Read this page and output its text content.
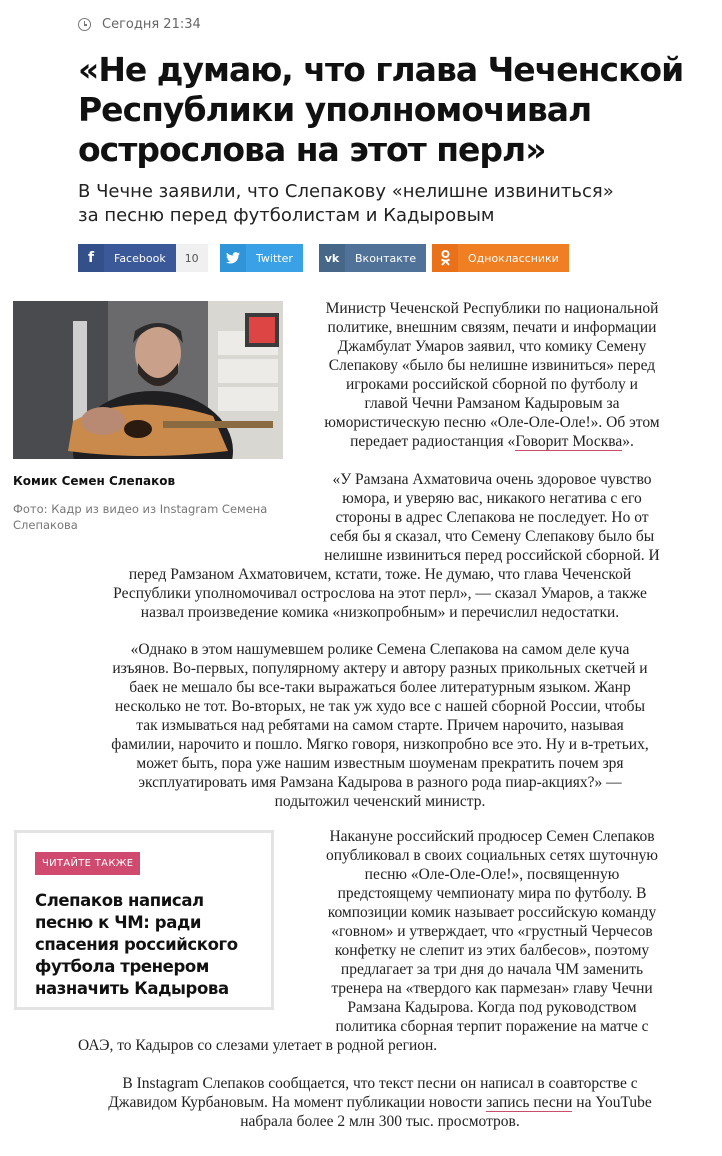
Сегодня 21:34
«Не думаю, что глава Чеченской
Республики уполномочивал
острослова на этот перл»

В Чечне заявили, что Слепакову «нелишне извиниться»
за песню перед футболистам и Кадыровым

f	Facebook	10	Twitter	vk	Вконтакте	Одноклассники
Комик Семен Слепаков
Фото: Кадр из видео из Instagram Семена
Слепакова

Министр Чеченской Республики по национальной
политике, внешним связям, печати и информации
Джамбулат Умаров заявил, что комику Семену
Слепакову «было бы нелишне извиниться» перед
игроками российской сборной по футболу и
главой Чечни Рамзаном Кадыровым за
юмористическую песню «Оле-Оле-Оле!». Об этом
передает радиостанция «Говорит Москва».

«У Рамзана Ахматовича очень здоровое чувство
юмора, и уверяю вас, никакого негатива с его
стороны в адрес Слепакова не последует. Но от
себя бы я сказал, что Семену Слепакову было бы
нелишне извиниться перед российской сборной. И

перед Рамзаном Ахматовичем, кстати, тоже. Не думаю, что глава Чеченской
Республики уполномочивал острослова на этот перл», — сказал Умаров, а также
назвал произведение комика «низкопробным» и перечислил недостатки.

«Однако в этом нашумевшем ролике Семена Слепакова на самом деле куча
изъянов. Во-первых, популярному актеру и автору разных прикольных скетчей и
баек не мешало бы все-таки выражаться более литературным языком. Жанр
несколько не тот. Во-вторых, не так уж худо все с нашей сборной России, чтобы
так измываться над ребятами на самом старте. Причем нарочито, называя
фамилии, нарочито и пошло. Мягко говоря, низкопробно все это. Ну и в-третьих,
может быть, пора уже нашим известным шоуменам прекратить почем зря
эксплуатировать имя Рамзана Кадырова в разного рода пиар-акциях?» —
подытожил чеченский министр.

ЧИТАЙТЕ ТАКЖЕ
Слепаков написал песню к ЧМ: ради спасения российского футбола тренером назначить Кадырова

Накануне российский продюсер Семен Слепаков
опубликовал в своих социальных сетях шуточную
песню «Оле-Оле-Оле!», посвященную
предстоящему чемпионату мира по футболу. В
композиции комик называет российскую команду
«говном» и утверждает, что «грустный Черчесов
конфетку не слепит из этих балбесов», поэтому
предлагает за три дня до начала ЧМ заменить
тренера на «твердого как пармезан» главу Чечни
Рамзана Кадырова. Когда под руководством
политика сборная терпит поражение на матче с

ОАЭ, то Кадыров со слезами улетает в родной регион.

В Instagram Слепаков сообщается, что текст песни он написал в соавторстве с
Джавидом Курбановым. На момент публикации новости запись песни на YouTube
набрала более 2 млн 300 тыс. просмотров.
